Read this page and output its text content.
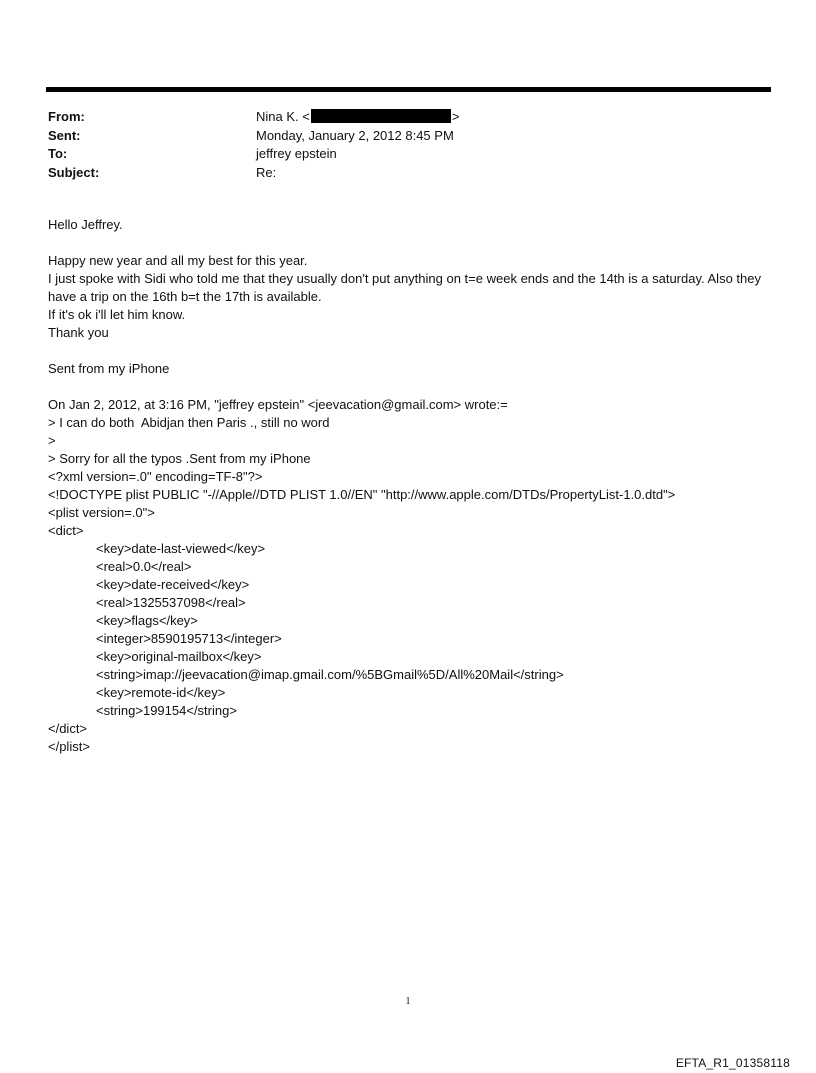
From:	Nina K. <	>
Sent:	Monday, January 2, 2012 8:45 PM
To:	jeffrey epstein
Subject:	Re:
Hello Jeffrey.
Happy new year and all my best for this year.
I just spoke with Sidi who told me that they usually don't put anything on t=e week ends and the 14th is a saturday. Also they have a trip on the 16th b=t the 17th is available.
If it's ok i'll let him know.
Thank you
Sent from my iPhone
On Jan 2, 2012, at 3:16 PM, "jeffrey epstein" <jeevacation@gmail.com> wrote:=
> I can do both  Abidjan then Paris ., still no word
>
> Sorry for all the typos .Sent from my iPhone
<?xml version=.0" encoding=TF-8"?>
<!DOCTYPE plist PUBLIC "-//Apple//DTD PLIST 1.0//EN" "http://www.apple.com/DTDs/PropertyList-1.0.dtd">
<plist version=.0">
<dict>
<key>date-last-viewed</key>
<real>0.0</real>
<key>date-received</key>
<real>1325537098</real>
<key>flags</key>
<integer>8590195713</integer>
<key>original-mailbox</key>
<string>imap://jeevacation@imap.gmail.com/%5BGmail%5D/All%20Mail</string>
<key>remote-id</key>
<string>199154</string>
</dict>
</plist>
1
EFTA_R1_01358118
